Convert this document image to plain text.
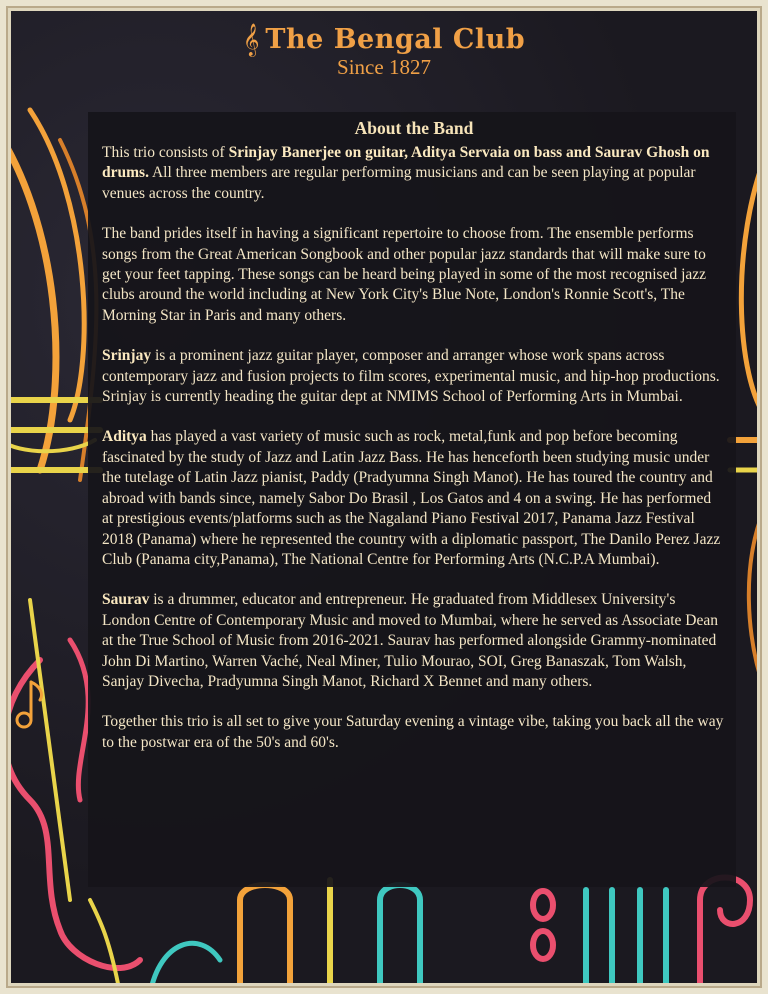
𝄞 The Bengal Club
Since 1827
About the Band

This trio consists of Srinjay Banerjee on guitar, Aditya Servaia on bass and Saurav Ghosh on drums. All three members are regular performing musicians and can be seen playing at popular venues across the country.

The band prides itself in having a significant repertoire to choose from. The ensemble performs songs from the Great American Songbook and other popular jazz standards that will make sure to get your feet tapping. These songs can be heard being played in some of the most recognised jazz clubs around the world including at New York City's Blue Note, London's Ronnie Scott's, The Morning Star in Paris and many others.

Srinjay is a prominent jazz guitar player, composer and arranger whose work spans across contemporary jazz and fusion projects to film scores, experimental music, and hip-hop productions. Srinjay is currently heading the guitar dept at NMIMS School of Performing Arts in Mumbai.

Aditya has played a vast variety of music such as rock, metal,funk and pop before becoming fascinated by the study of Jazz and Latin Jazz Bass. He has henceforth been studying music under the tutelage of Latin Jazz pianist, Paddy (Pradyumna Singh Manot). He has toured the country and abroad with bands since, namely Sabor Do Brasil , Los Gatos and 4 on a swing. He has performed at prestigious events/platforms such as the Nagaland Piano Festival 2017, Panama Jazz Festival 2018 (Panama) where he represented the country with a diplomatic passport, The Danilo Perez Jazz Club (Panama city,Panama), The National Centre for Performing Arts (N.C.P.A Mumbai).

Saurav is a drummer, educator and entrepreneur. He graduated from Middlesex University's London Centre of Contemporary Music and moved to Mumbai, where he served as Associate Dean at the True School of Music from 2016-2021. Saurav has performed alongside Grammy-nominated John Di Martino, Warren Vaché, Neal Miner, Tulio Mourao, SOI, Greg Banaszak, Tom Walsh, Sanjay Divecha, Pradyumna Singh Manot, Richard X Bennet and many others.

Together this trio is all set to give your Saturday evening a vintage vibe, taking you back all the way to the postwar era of the 50's and 60's.
